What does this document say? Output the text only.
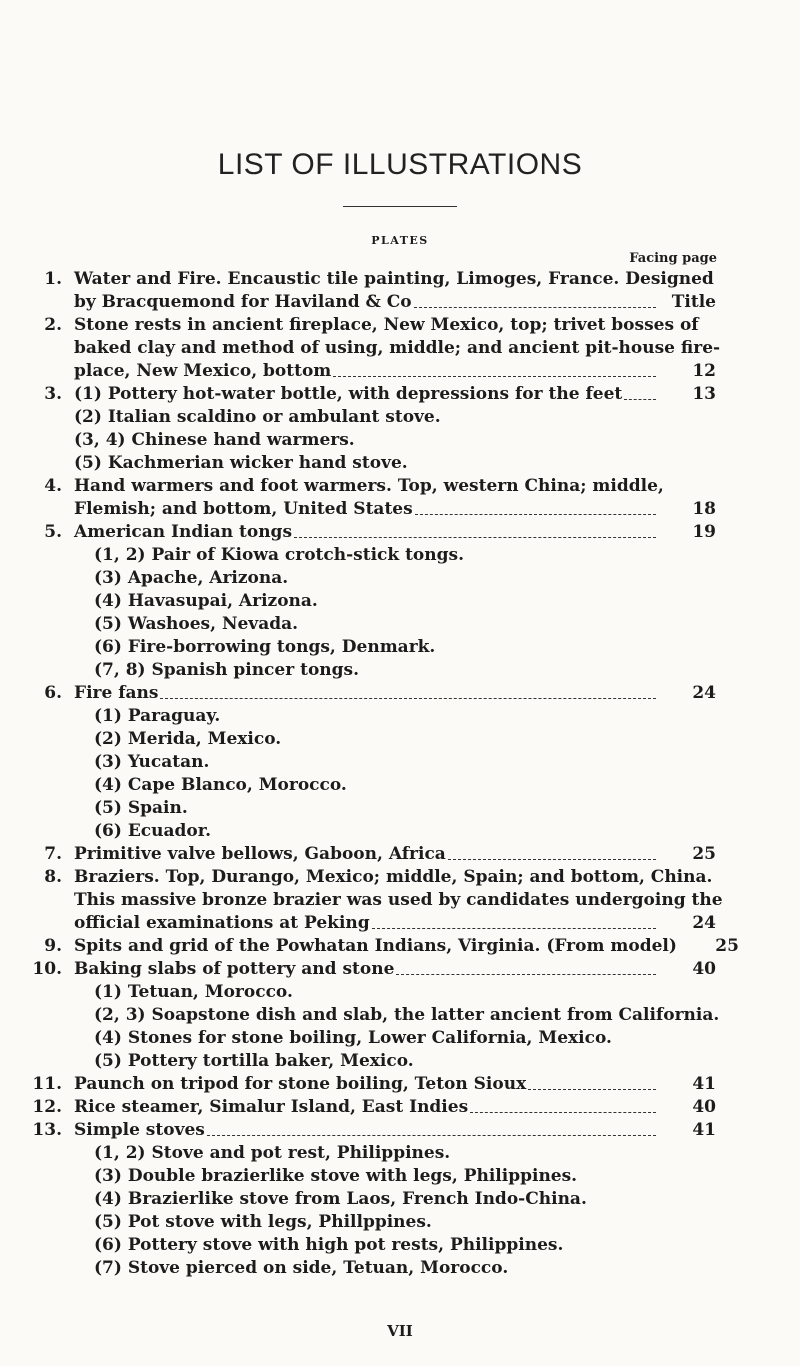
LIST OF ILLUSTRATIONS
PLATES
Facing page
1. Water and Fire. Encaustic tile painting, Limoges, France. Designed
by Bracquemond for Haviland & Co	Title
2. Stone rests in ancient fireplace, New Mexico, top; trivet bosses of
baked clay and method of using, middle; and ancient pit-house fire-
place, New Mexico, bottom	12
3. (1) Pottery hot-water bottle, with depressions for the feet	13
(2) Italian scaldino or ambulant stove.
(3, 4) Chinese hand warmers.
(5) Kachmerian wicker hand stove.
4. Hand warmers and foot warmers. Top, western China; middle,
Flemish; and bottom, United States	18
5. American Indian tongs	19
(1, 2) Pair of Kiowa crotch-stick tongs.
(3) Apache, Arizona.
(4) Havasupai, Arizona.
(5) Washoes, Nevada.
(6) Fire-borrowing tongs, Denmark.
(7, 8) Spanish pincer tongs.
6. Fire fans	24
(1) Paraguay.
(2) Merida, Mexico.
(3) Yucatan.
(4) Cape Blanco, Morocco.
(5) Spain.
(6) Ecuador.
7. Primitive valve bellows, Gaboon, Africa	25
8. Braziers. Top, Durango, Mexico; middle, Spain; and bottom, China.
This massive bronze brazier was used by candidates undergoing the
official examinations at Peking	24
9. Spits and grid of the Powhatan Indians, Virginia. (From model)	25
10. Baking slabs of pottery and stone	40
(1) Tetuan, Morocco.
(2, 3) Soapstone dish and slab, the latter ancient from California.
(4) Stones for stone boiling, Lower California, Mexico.
(5) Pottery tortilla baker, Mexico.
11. Paunch on tripod for stone boiling, Teton Sioux	41
12. Rice steamer, Simalur Island, East Indies	40
13. Simple stoves	41
(1, 2) Stove and pot rest, Philippines.
(3) Double brazierlike stove with legs, Philippines.
(4) Brazierlike stove from Laos, French Indo-China.
(5) Pot stove with legs, Phillppines.
(6) Pottery stove with high pot rests, Philippines.
(7) Stove pierced on side, Tetuan, Morocco.
VII
